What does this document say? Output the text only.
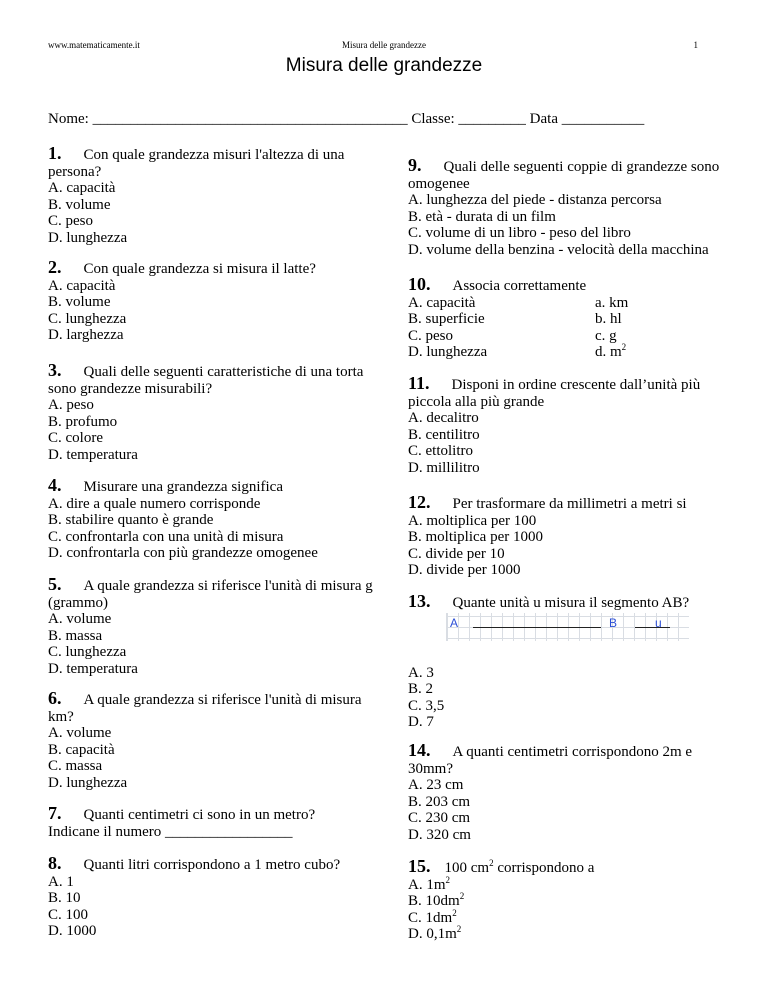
www.matematicamente.it	Misura delle grandezze	1
Misura delle grandezze
Nome: __________________________________________ Classe: _________ Data ___________
1. Con quale grandezza misuri l'altezza di una persona?
A. capacità
B. volume
C. peso
D. lunghezza
2. Con quale grandezza si misura il latte?
A. capacità
B. volume
C. lunghezza
D. larghezza
3. Quali delle seguenti caratteristiche di una torta sono grandezze misurabili?
A. peso
B. profumo
C. colore
D. temperatura
4. Misurare una grandezza significa
A. dire a quale numero corrisponde
B. stabilire quanto è grande
C. confrontarla con una unità di misura
D. confrontarla con più grandezze omogenee
5. A quale grandezza si riferisce l'unità di misura g (grammo)
A. volume
B. massa
C. lunghezza
D. temperatura
6. A quale grandezza si riferisce l'unità di misura km?
A. volume
B. capacità
C. massa
D. lunghezza
7. Quanti centimetri ci sono in un metro?
Indicane il numero _________________
8. Quanti litri corrispondono a 1 metro cubo?
A. 1
B. 10
C. 100
D. 1000
9. Quali delle seguenti coppie di grandezze sono omogenee
A. lunghezza del piede - distanza percorsa
B. età - durata di un film
C. volume di un libro - peso del libro
D. volume della benzina - velocità della macchina
10. Associa correttamente
A. capacità	a. km
B. superficie	b. hl
C. peso	c. g
D. lunghezza	d. $m^2$
11. Disponi in ordine crescente dall’unità più piccola alla più grande
A. decalitro
B. centilitro
C. ettolitro
D. millilitro
12. Per trasformare da millimetri a metri si
A. moltiplica per 100
B. moltiplica per 1000
C. divide per 10
D. divide per 1000
13. Quante unità u misura il segmento AB?
A	B	u
A. 3
B. 2
C. 3,5
D. 7
14. A quanti centimetri corrispondono 2m e 30mm?
A. 23 cm
B. 203 cm
C. 230 cm
D. 320 cm
15. 100 $cm^2$ corrispondono a
A. $1m^2$
B. $10dm^2$
C. $1dm^2$
D. $0,1m^2$
